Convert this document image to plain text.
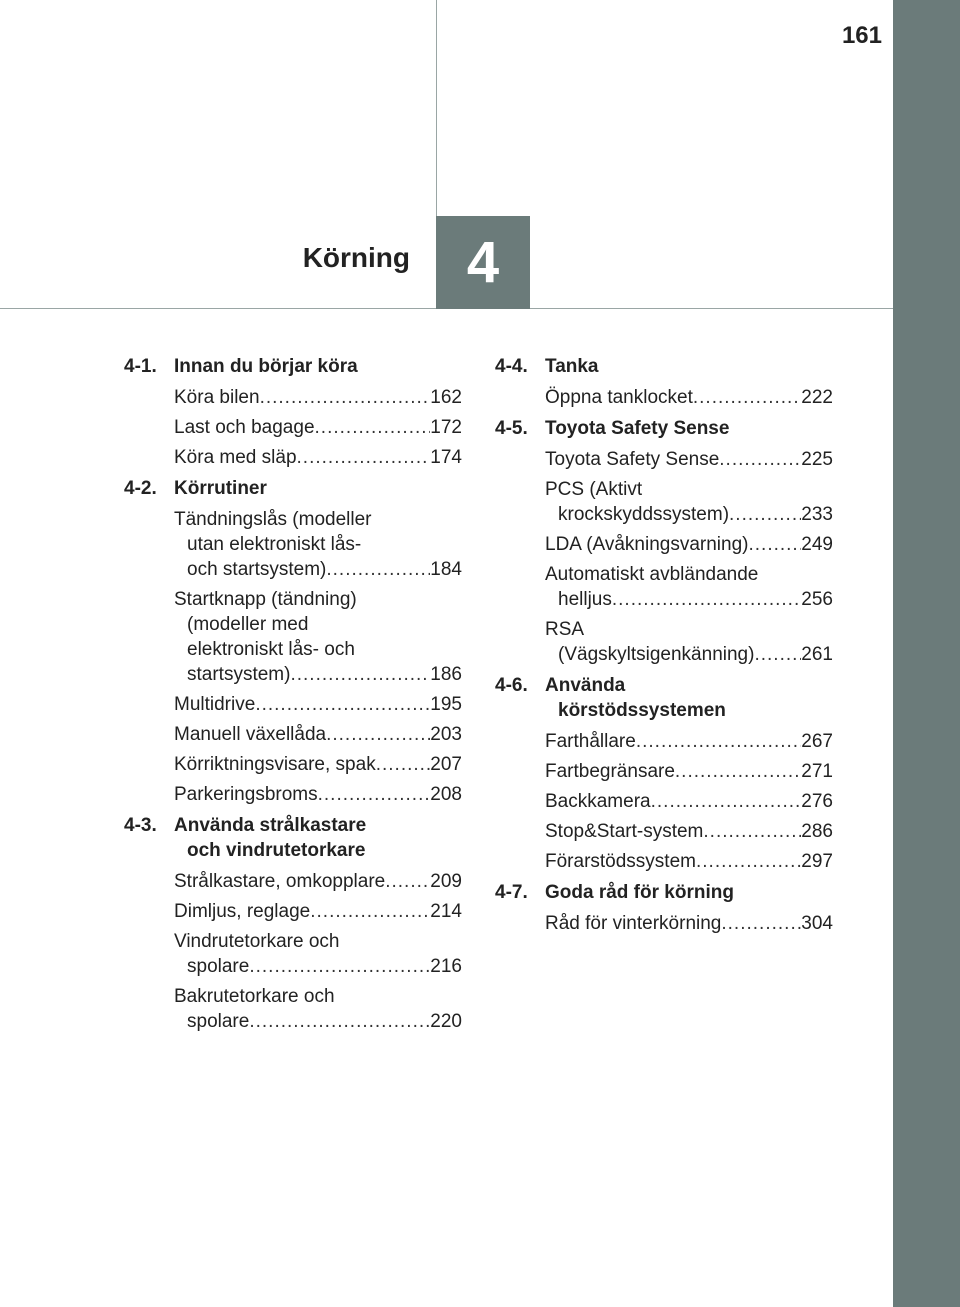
161
4
Körning
4-1. Innan du börjar köra
Köra bilen .....	162
Last och bagage .....	172
Köra med släp .....	174
4-2. Körrutiner
Tändningslås (modeller
utan elektroniskt lås-
och startsystem) .....	184
Startknapp (tändning)
(modeller med
elektroniskt lås- och
startsystem) .....	186
Multidrive .....	195
Manuell växellåda .....	203
Körriktningsvisare, spak .....	207
Parkeringsbroms .....	208
4-3. Använda strålkastare
och vindrutetorkare
Strålkastare, omkopplare ..... 209
Dimljus, reglage .....	214
Vindrutetorkare och
spolare .....	216
Bakrutetorkare och
spolare .....	220
4-4. Tanka
Öppna tanklocket .....	222
4-5. Toyota Safety Sense
Toyota Safety Sense .....	225
PCS (Aktivt
krockskyddssystem) .....	233
LDA (Avåkningsvarning) .....	249
Automatiskt avbländande
helljus .....	256
RSA
(Vägskyltsigenkänning) ..... 261
4-6. Använda
körstödssystemen
Farthållare .....	267
Fartbegränsare .....	271
Backkamera .....	276
Stop&Start-system .....	286
Förarstödssystem .....	297
4-7. Goda råd för körning
Råd för vinterkörning .....	304
